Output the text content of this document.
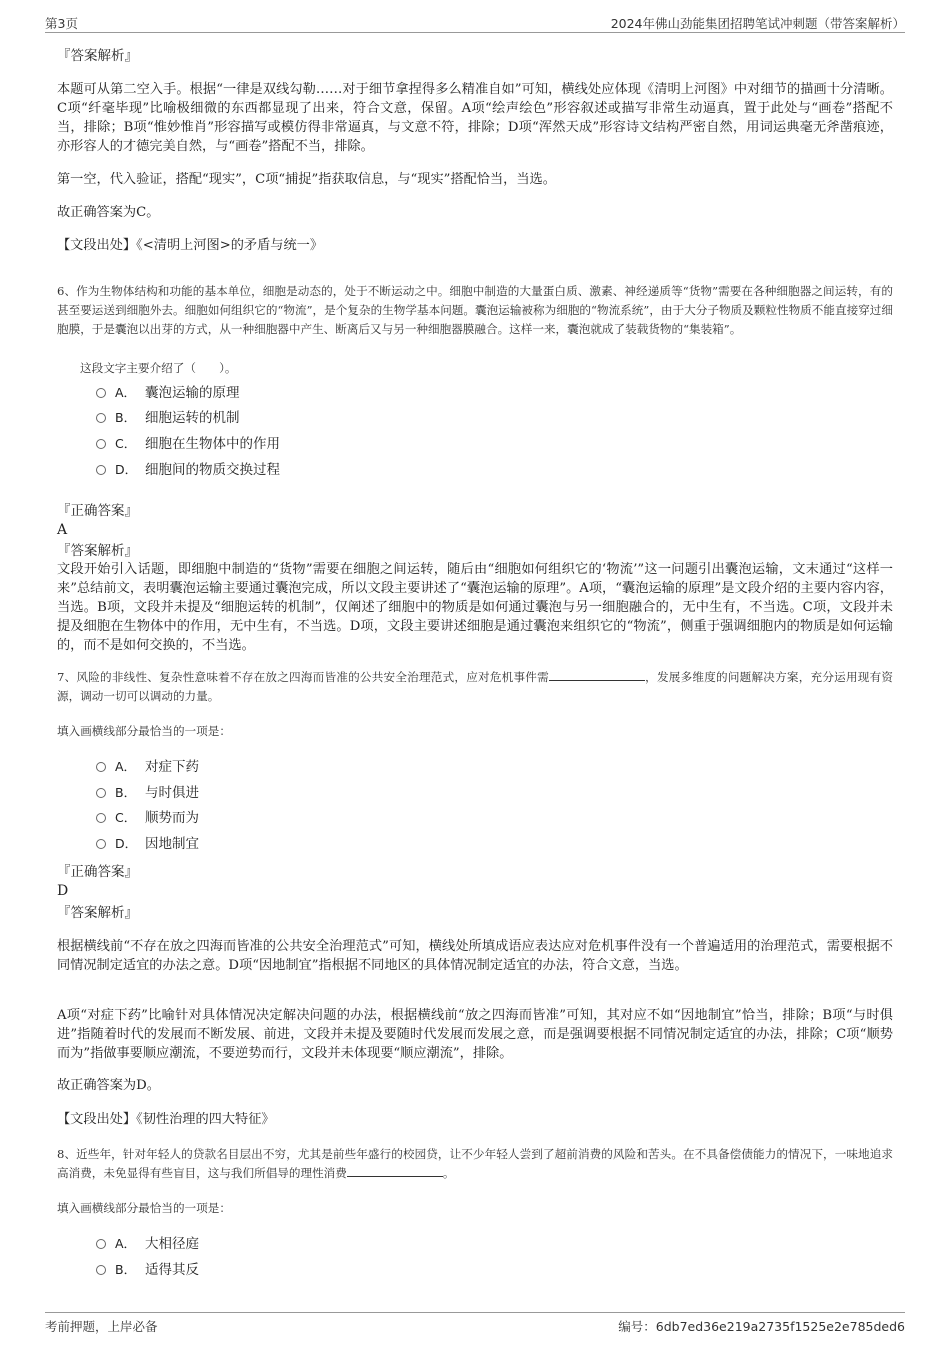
第3页	2024年佛山劲能集团招聘笔试冲刺题（带答案解析）
『答案解析』
本题可从第二空入手。根据“一律是双线勾勒……对于细节拿捏得多么精准自如”可知，横线处应体现《清明上河图》中对细节的描画十分清晰。C项“纤毫毕现”比喻极细微的东西都显现了出来，符合文意，保留。A项“绘声绘色”形容叙述或描写非常生动逼真，置于此处与“画卷”搭配不当，排除；B项“惟妙惟肖”形容描写或模仿得非常逼真，与文意不符，排除；D项“浑然天成”形容诗文结构严密自然，用词运典毫无斧凿痕迹，亦形容人的才德完美自然，与“画卷”搭配不当，排除。
第一空，代入验证，搭配“现实”，C项“捕捉”指获取信息，与“现实”搭配恰当，当选。
故正确答案为C。
【文段出处】《<清明上河图>的矛盾与统一》
6、作为生物体结构和功能的基本单位，细胞是动态的，处于不断运动之中。细胞中制造的大量蛋白质、激素、神经递质等“货物”需要在各种细胞器之间运转，有的甚至要运送到细胞外去。细胞如何组织它的“物流”，是个复杂的生物学基本问题。囊泡运输被称为细胞的“物流系统”，由于大分子物质及颗粒性物质不能直接穿过细胞膜，于是囊泡以出芽的方式，从一种细胞器中产生、断离后又与另一种细胞器膜融合。这样一来，囊泡就成了装载货物的“集装箱”。
这段文字主要介绍了（　　）。
A． 囊泡运输的原理
B． 细胞运转的机制
C． 细胞在生物体中的作用
D． 细胞间的物质交换过程
『正确答案』
A
『答案解析』
文段开始引入话题，即细胞中制造的“货物”需要在细胞之间运转，随后由“细胞如何组织它的‘物流’”这一问题引出囊泡运输，文末通过“这样一来”总结前文，表明囊泡运输主要通过囊泡完成，所以文段主要讲述了“囊泡运输的原理”。A项，“囊泡运输的原理”是文段介绍的主要内容内容，当选。B项，文段并未提及“细胞运转的机制”，仅阐述了细胞中的物质是如何通过囊泡与另一细胞融合的，无中生有，不当选。C项，文段并未提及细胞在生物体中的作用，无中生有，不当选。D项，文段主要讲述细胞是通过囊泡来组织它的“物流”，侧重于强调细胞内的物质是如何运输的，而不是如何交换的，不当选。
7、风险的非线性、复杂性意味着不存在放之四海而皆准的公共安全治理范式，应对危机事件需	，发展多维度的问题解决方案，充分运用现有资源，调动一切可以调动的力量。
填入画横线部分最恰当的一项是：
A． 对症下药
B． 与时俱进
C． 顺势而为
D． 因地制宜
『正确答案』
D
『答案解析』
根据横线前“不存在放之四海而皆准的公共安全治理范式”可知，横线处所填成语应表达应对危机事件没有一个普遍适用的治理范式，需要根据不同情况制定适宜的办法之意。D项“因地制宜”指根据不同地区的具体情况制定适宜的办法，符合文意，当选。
A项“对症下药”比喻针对具体情况决定解决问题的办法，根据横线前“放之四海而皆准”可知，其对应不如“因地制宜”恰当，排除；B项“与时俱进”指随着时代的发展而不断发展、前进，文段并未提及要随时代发展而发展之意，而是强调要根据不同情况制定适宜的办法，排除；C项“顺势而为”指做事要顺应潮流，不要逆势而行，文段并未体现要“顺应潮流”，排除。
故正确答案为D。
【文段出处】《韧性治理的四大特征》
8、近些年，针对年轻人的贷款名目层出不穷，尤其是前些年盛行的校园贷，让不少年轻人尝到了超前消费的风险和苦头。在不具备偿债能力的情况下，一味地追求高消费，未免显得有些盲目，这与我们所倡导的理性消费	。
填入画横线部分最恰当的一项是：
A． 大相径庭
B． 适得其反
考前押题，上岸必备	编号：6db7ed36e219a2735f1525e2e785ded6
